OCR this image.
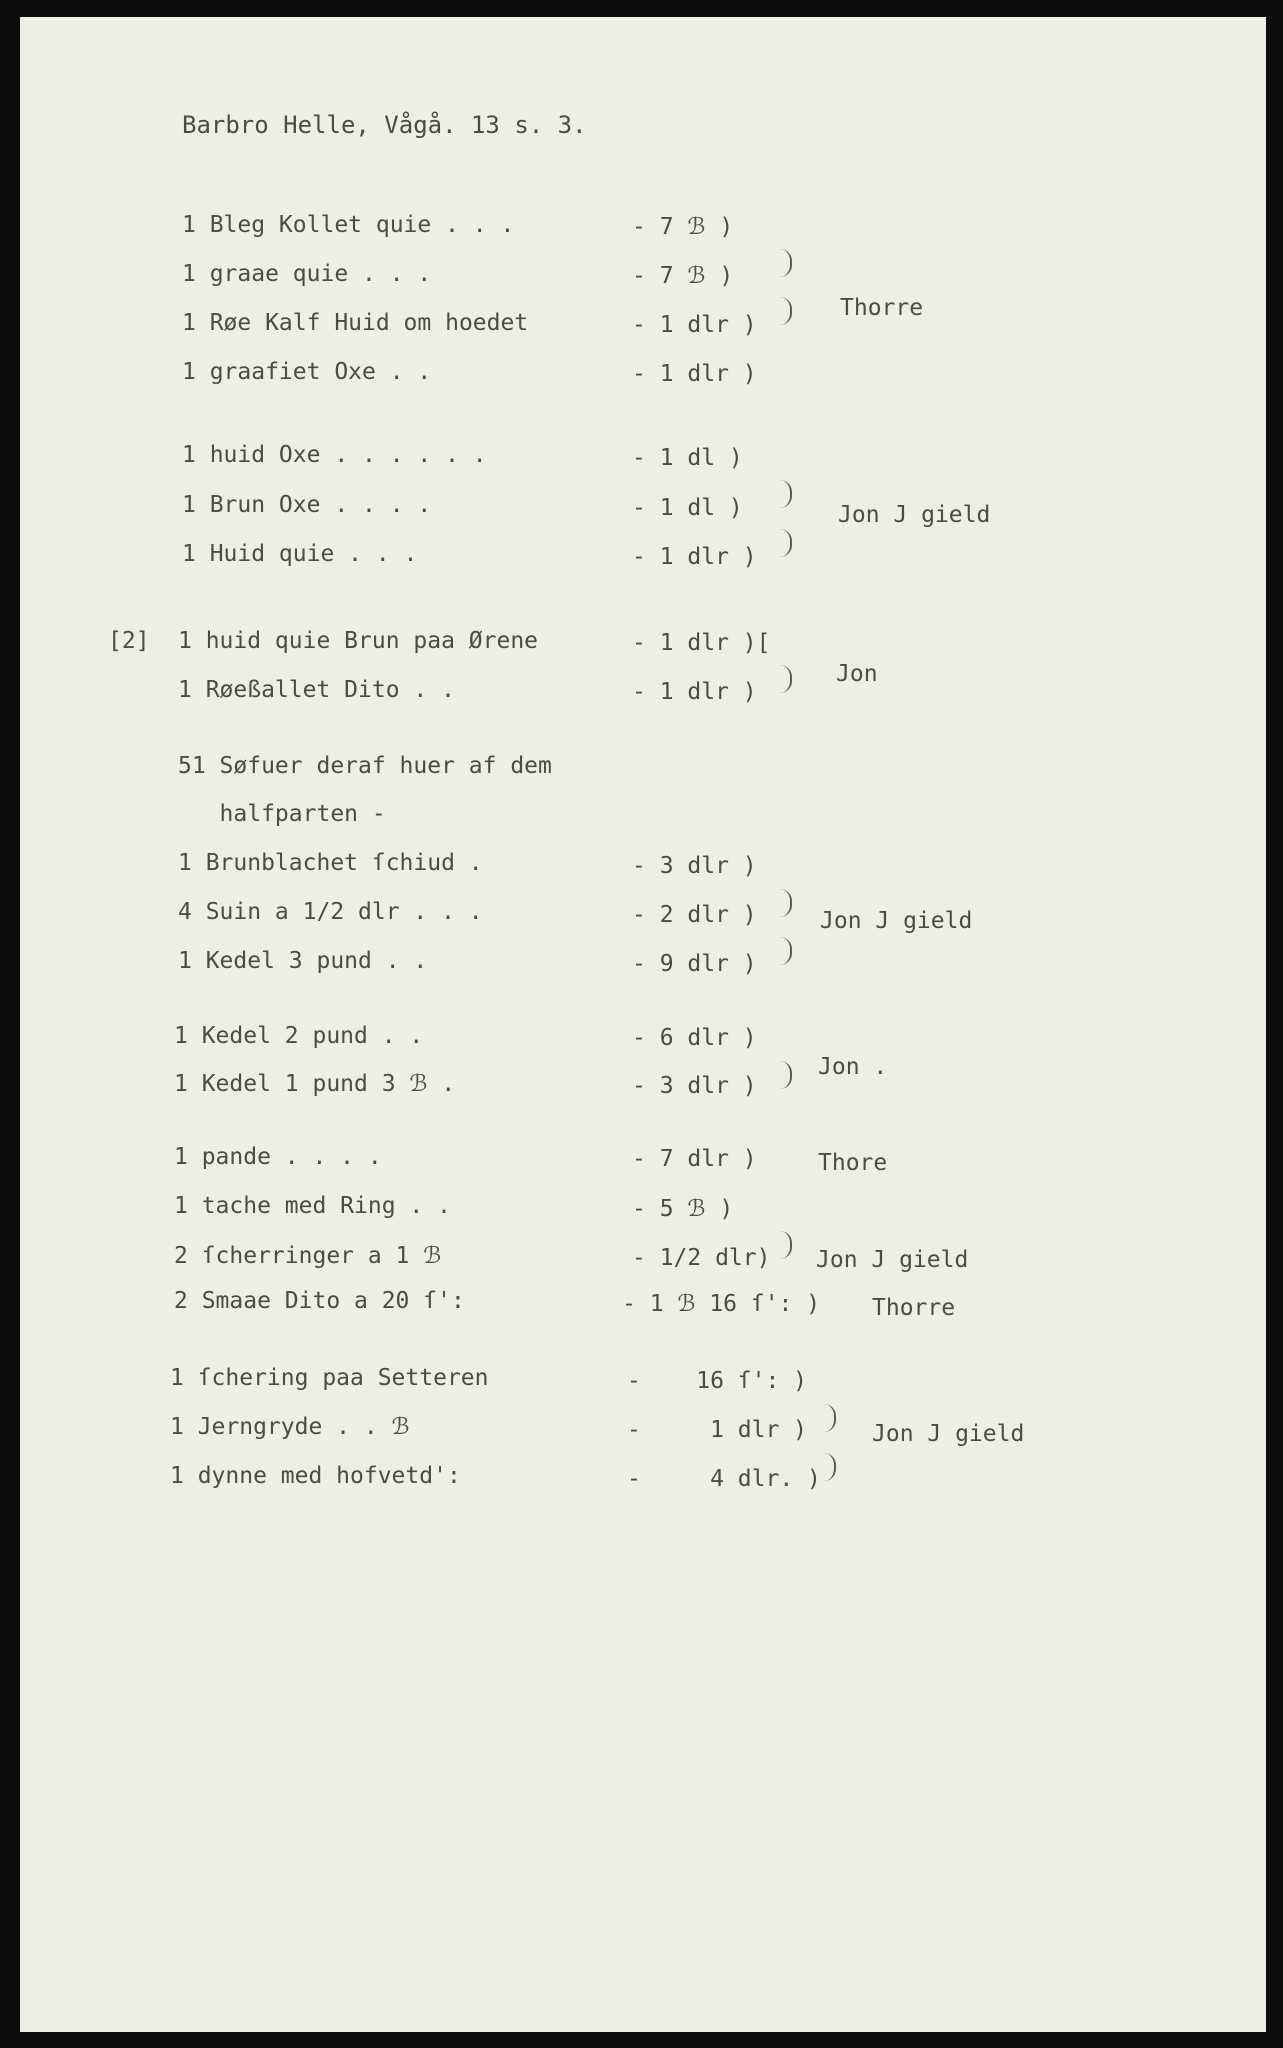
Barbro Helle, Vågå. 13 s. 3.
1 Bleg Kollet quie . . .	- 7 ℬ )
1 graae quie . . .	- 7 ℬ )
1 Røe Kalf Huid om hoedet	- 1 dlr )
1 graafiet Oxe . .	- 1 dlr )
Thorre
1 huid Oxe . . . . . .	- 1 dl )
1 Brun Oxe . . . .	- 1 dl )
1 Huid quie . . .	- 1 dlr )
Jon J gield
[2] 1 huid quie Brun paa Ørene	- 1 dlr )[
1 Røeßallet Dito . .	- 1 dlr )
Jon
51 Søfuer deraf huer af dem
halfparten -
1 Brunblachet ſchiud .	- 3 dlr )
4 Suin a 1/2 dlr . . .	- 2 dlr )
1 Kedel 3 pund . .	- 9 dlr )
Jon J gield
1 Kedel 2 pund . .	- 6 dlr )
1 Kedel 1 pund 3 ℬ .	- 3 dlr )
Jon .
1 pande . . . .	- 7 dlr )	Thore
1 tache med Ring . .	- 5 ℬ )
2 ſcherringer a 1 ℬ	- 1/2 dlr) Jon J gield
2 Smaae Dito a 20 ſ':	- 1 ℬ 16 ſ': ) Thorre
1 ſchering paa Setteren	-    16 ſ': )
1 Jerngryde . . ℬ	-     1 dlr )
1 dynne med hofvetd':	-     4 dlr. )
Jon J gield
